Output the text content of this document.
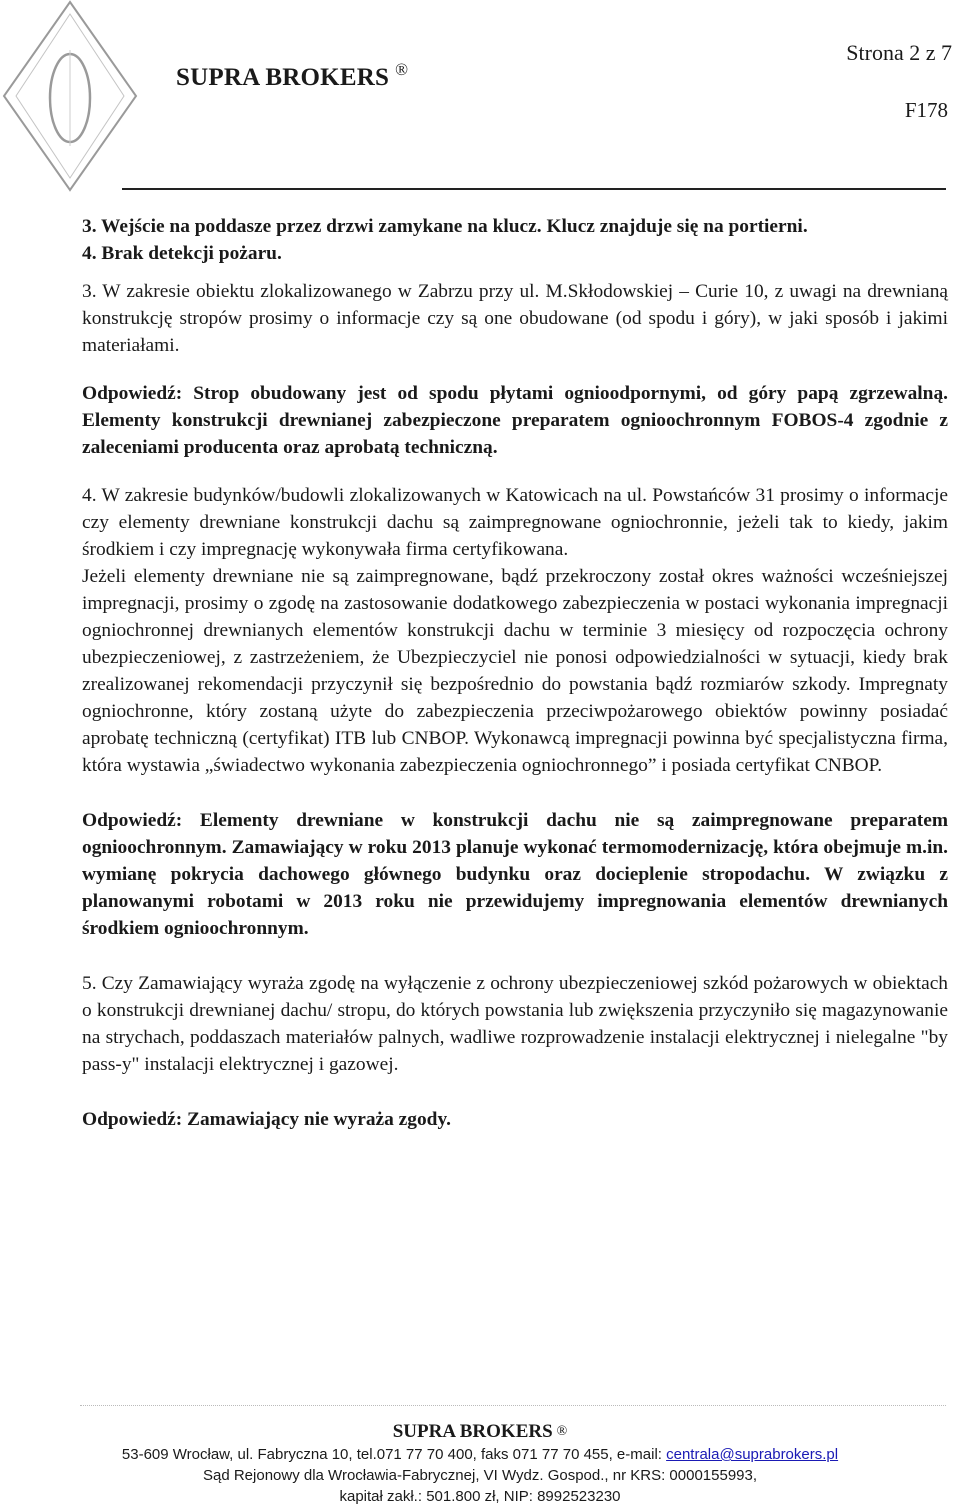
SUPRA BROKERS ®
Strona 2 z 7
F178

3. Wejście na poddasze przez drzwi zamykane na klucz. Klucz znajduje się na portierni.

4. Brak detekcji pożaru.

3. W zakresie obiektu zlokalizowanego w Zabrzu przy ul. M.Skłodowskiej – Curie 10, z uwagi na drewnianą konstrukcję stropów prosimy o informacje czy są one obudowane (od spodu i góry), w jaki sposób i jakimi materiałami.

Odpowiedź: Strop obudowany jest od spodu płytami ognioodpornymi, od góry papą zgrzewalną. Elementy konstrukcji drewnianej zabezpieczone preparatem ognioochronnym FOBOS-4 zgodnie z zaleceniami producenta oraz aprobatą techniczną.

4. W zakresie budynków/budowli zlokalizowanych w Katowicach na ul. Powstańców 31 prosimy o informacje czy elementy drewniane konstrukcji dachu są zaimpregnowane ogniochronnie, jeżeli tak to kiedy, jakim środkiem i czy impregnację wykonywała firma certyfikowana.

Jeżeli elementy drewniane nie są zaimpregnowane, bądź przekroczony został okres ważności wcześniejszej impregnacji, prosimy o zgodę na zastosowanie dodatkowego zabezpieczenia w postaci wykonania impregnacji ogniochronnej drewnianych elementów konstrukcji dachu w terminie 3 miesięcy od rozpoczęcia ochrony ubezpieczeniowej, z zastrzeżeniem, że Ubezpieczyciel nie ponosi odpowiedzialności w sytuacji, kiedy brak zrealizowanej rekomendacji przyczynił się bezpośrednio do powstania bądź rozmiarów szkody. Impregnaty ogniochronne, który zostaną użyte do zabezpieczenia przeciwpożarowego obiektów powinny posiadać aprobatę techniczną (certyfikat) ITB lub CNBOP. Wykonawcą impregnacji powinna być specjalistyczna firma, która wystawia „świadectwo wykonania zabezpieczenia ogniochronnego” i posiada certyfikat CNBOP.

Odpowiedź: Elementy drewniane w konstrukcji dachu nie są zaimpregnowane preparatem ognioochronnym. Zamawiający w roku 2013 planuje wykonać termomodernizację, która obejmuje m.in. wymianę pokrycia dachowego głównego budynku oraz docieplenie stropodachu. W związku z planowanymi robotami w 2013 roku nie przewidujemy impregnowania elementów drewnianych środkiem ognioochronnym.

5. Czy Zamawiający wyraża zgodę na wyłączenie z ochrony ubezpieczeniowej szkód pożarowych w obiektach o konstrukcji drewnianej dachu/ stropu, do których powstania lub zwiększenia przyczyniło się magazynowanie na strychach, poddaszach materiałów palnych, wadliwe rozprowadzenie instalacji elektrycznej i nielegalne "by pass-y" instalacji elektrycznej i gazowej.

Odpowiedź: Zamawiający nie wyraża zgody.

SUPRA BROKERS ®
53-609 Wrocław, ul. Fabryczna 10, tel.071 77 70 400, faks 071 77 70 455, e-mail: centrala@suprabrokers.pl
Sąd Rejonowy dla Wrocławia-Fabrycznej, VI Wydz. Gospod., nr KRS: 0000155993,
kapitał zakł.: 501.800 zł, NIP: 8992523230
